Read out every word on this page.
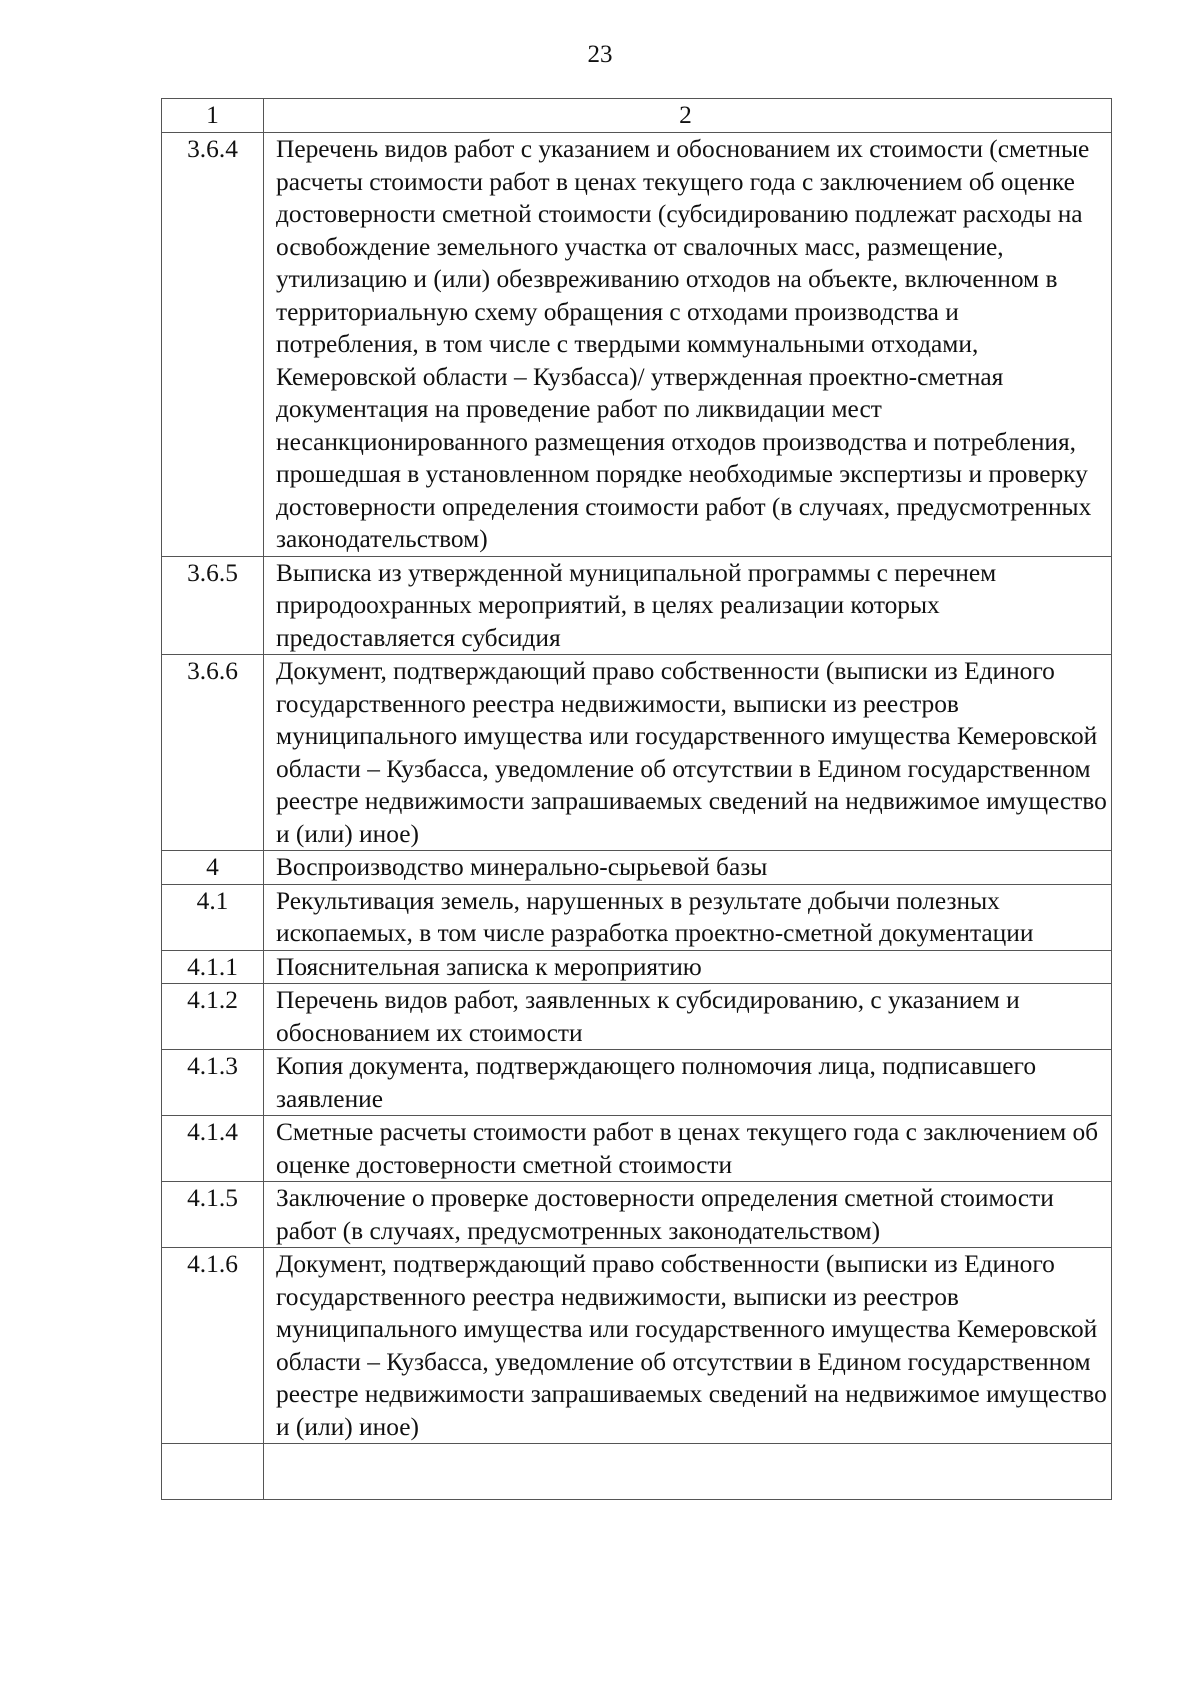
23
1	2
3.6.4	Перечень видов работ с указанием и обоснованием их стоимости (сметные расчеты стоимости работ в ценах текущего года с заключением об оценке достоверности сметной стоимости (субсидированию подлежат расходы на освобождение земельного участка от свалочных масс, размещение, утилизацию и (или) обезвреживанию отходов на объекте, включенном в территориальную схему обращения с отходами производства и потребления, в том числе с твердыми коммунальными отходами, Кемеровской области – Кузбасса)/ утвержденная проектно-сметная документация на проведение работ по ликвидации мест несанкционированного размещения отходов производства и потребления, прошедшая в установленном порядке необходимые экспертизы и проверку достоверности определения стоимости работ (в случаях, предусмотренных законодательством)
3.6.5	Выписка из утвержденной муниципальной программы с перечнем природоохранных мероприятий, в целях реализации которых предоставляется субсидия
3.6.6	Документ, подтверждающий право собственности (выписки из Единого государственного реестра недвижимости, выписки из реестров муниципального имущества или государственного имущества Кемеровской области – Кузбасса, уведомление об отсутствии в Едином государственном реестре недвижимости запрашиваемых сведений на недвижимое имущество и (или) иное)
4	Воспроизводство минерально-сырьевой базы
4.1	Рекультивация земель, нарушенных в результате добычи полезных ископаемых, в том числе разработка проектно-сметной документации
4.1.1	Пояснительная записка к мероприятию
4.1.2	Перечень видов работ, заявленных к субсидированию, с указанием и обоснованием их стоимости
4.1.3	Копия документа, подтверждающего полномочия лица, подписавшего заявление
4.1.4	Сметные расчеты стоимости работ в ценах текущего года с заключением об оценке достоверности сметной стоимости
4.1.5	Заключение о проверке достоверности определения сметной стоимости работ (в случаях, предусмотренных законодательством)
4.1.6	Документ, подтверждающий право собственности (выписки из Единого государственного реестра недвижимости, выписки из реестров муниципального имущества или государственного имущества Кемеровской области – Кузбасса, уведомление об отсутствии в Едином государственном реестре недвижимости запрашиваемых сведений на недвижимое имущество и (или) иное)
